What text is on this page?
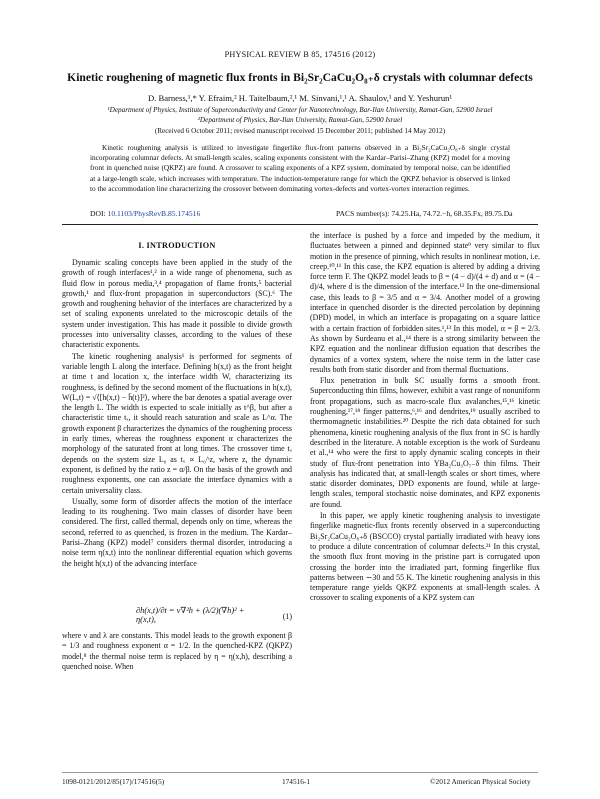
PHYSICAL REVIEW B 85, 174516 (2012)
Kinetic roughening of magnetic flux fronts in Bi₂Sr₂CaCu₂O₈₊δ crystals with columnar defects
D. Barness,¹,* Y. Efraim,² H. Taitelbaum,²,¹ M. Sinvani,¹,¹ A. Shaulov,¹ and Y. Yeshurun¹
¹Department of Physics, Institute of Superconductivity and Center for Nanotechnology, Bar-Ilan University, Ramat-Gan, 52900 Israel
²Department of Physics, Bar-Ilan University, Ramat-Gan, 52900 Israel
(Received 6 October 2011; revised manuscript received 15 December 2011; published 14 May 2012)
Kinetic roughening analysis is utilized to investigate fingerlike flux-front patterns observed in a Bi₂Sr₂CaCu₂O₈₊δ single crystal incorporating columnar defects. At small-length scales, scaling exponents consistent with the Kardar–Parisi–Zhang (KPZ) model for a moving front in quenched noise (QKPZ) are found. A crossover to scaling exponents of a KPZ system, dominated by temporal noise, can be identified at a large-length scale, which increases with temperature. The induction-temperature range for which the QKPZ behavior is observed is linked to the accommodation line characterizing the crossover between dominating vortex-defects and vortex-vortex interaction regimes.
DOI: 10.1103/PhysRevB.85.174516	PACS number(s): 74.25.Ha, 74.72.−h, 68.35.Fx, 89.75.Da
I. INTRODUCTION

Dynamic scaling concepts have been applied in the study of the growth of rough interfaces¹,² in a wide range of phenomena, such as fluid flow in porous media,³,⁴ propagation of flame fronts,⁵ bacterial growth,¹ and flux-front propagation in superconductors (SC).⁶ The growth and roughening behavior of the interfaces are characterized by a set of scaling exponents unrelated to the microscopic details of the system under investigation. This has made it possible to divide growth processes into universality classes, according to the values of these characteristic exponents.

The kinetic roughening analysis¹ is performed for segments of variable length L along the interface. Defining h(x,t) as the front height at time t and location x, the interface width W, characterizing its roughness, is defined by the second moment of the fluctuations in h(x,t), W(L,t) = √⟨[h(x,t) − h̄(t)]²⟩, where the bar denotes a spatial average over the length L. The width is expected to scale initially as t^β, but after a characteristic time tₓ, it should reach saturation and scale as L^α. The growth exponent β characterizes the dynamics of the roughening process in early times, whereas the roughness exponent α characterizes the morphology of the saturated front at long times. The crossover time tₓ depends on the system size L₀ as tₓ ∝ L₀^z, where z, the dynamic exponent, is defined by the ratio z = α/β. On the basis of the growth and roughness exponents, one can associate the interface dynamics with a certain universality class.

Usually, some form of disorder affects the motion of the interface leading to its roughening. Two main classes of disorder have been considered. The first, called thermal, depends only on time, whereas the second, referred to as quenched, is frozen in the medium. The Kardar–Parisi–Zhang (KPZ) model⁷ considers thermal disorder, introducing a noise term η(x,t) into the nonlinear differential equation which governs the height h(x,t) of the advancing interface

∂h(x,t)/∂t = ν∇²h + (λ/2)(∇h)² + η(x,t),	(1)

where ν and λ are constants. This model leads to the growth exponent β = 1/3 and roughness exponent α = 1/2. In the quenched-KPZ (QKPZ) model,⁸ the thermal noise term is replaced by η = η(x,h), describing a quenched noise. When

the interface is pushed by a force and impeded by the medium, it fluctuates between a pinned and depinned state⁹ very similar to flux motion in the presence of pinning, which results in nonlinear motion, i.e. creep.¹⁰,¹¹ In this case, the KPZ equation is altered by adding a driving force term F. The QKPZ model leads to β = (4 − d)/(4 + d) and α = (4 − d)/4, where d is the dimension of the interface.¹² In the one-dimensional case, this leads to β = 3/5 and α = 3/4. Another model of a growing interface in quenched disorder is the directed percolation by depinning (DPD) model, in which an interface is propagating on a square lattice with a certain fraction of forbidden sites.¹,¹³ In this model, α = β = 2/3. As shown by Surdeanu et al.,¹⁴ there is a strong similarity between the KPZ equation and the nonlinear diffusion equation that describes the dynamics of a vortex system, where the noise term in the latter case results both from static disorder and from thermal fluctuations.

Flux penetration in bulk SC usually forms a smooth front. Superconducting thin films, however, exhibit a vast range of nonuniform front propagations, such as macro-scale flux avalanches,¹⁵,¹⁶ kinetic roughening,¹⁷,¹⁸ finger patterns,⁶,¹⁶ and dendrites,¹⁹ usually ascribed to thermomagnetic instabilities.²⁰ Despite the rich data obtained for such phenomena, kinetic roughening analysis of the flux front in SC is hardly described in the literature. A notable exception is the work of Surdeanu et al.,¹⁴ who were the first to apply dynamic scaling concepts in their study of flux-front penetration into YBa₂Cu₃O₇₋δ thin films. Their analysis has indicated that, at small-length scales or short times, where static disorder dominates, DPD exponents are found, while at large-length scales, temporal stochastic noise dominates, and KPZ exponents are found.

In this paper, we apply kinetic roughening analysis to investigate fingerlike magnetic-flux fronts recently observed in a superconducting Bi₂Sr₂CaCu₂O₈₊δ (BSCCO) crystal partially irradiated with heavy ions to produce a dilute concentration of columnar defects.²¹ In this crystal, the smooth flux front moving in the pristine part is corrugated upon crossing the border into the irradiated part, forming fingerlike flux patterns between ∼30 and 55 K. The kinetic roughening analysis in this temperature range yields QKPZ exponents at small-length scales. A crossover to scaling exponents of a KPZ system can

1098-0121/2012/85(17)/174516(5)	174516-1	©2012 American Physical Society
